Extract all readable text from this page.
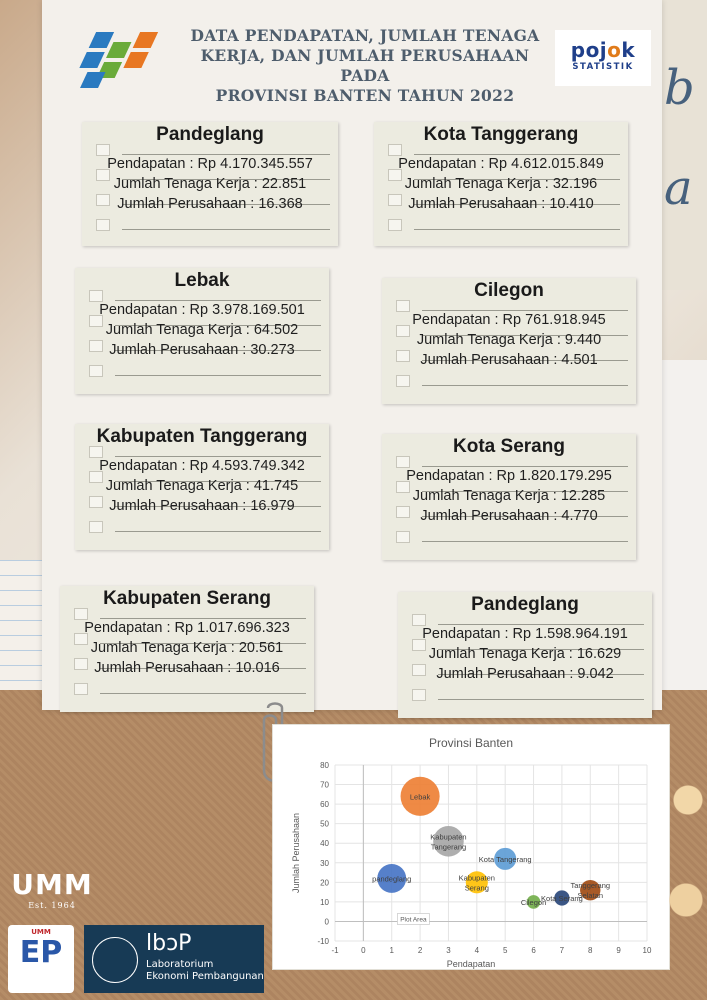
b
a
DATA PENDAPATAN, JUMLAH TENAGA
KERJA, DAN JUMLAH PERUSAHAAN PADA
PROVINSI BANTEN TAHUN 2022
pojok
STATISTIK
Pandeglang
Pendapatan : Rp 4.170.345.557
Jumlah Tenaga Kerja : 22.851
Jumlah Perusahaan : 16.368
Kota Tanggerang
Pendapatan : Rp 4.612.015.849
Jumlah Tenaga Kerja : 32.196
Jumlah Perusahaan : 10.410
Lebak
Pendapatan : Rp 3.978.169.501
Jumlah Tenaga Kerja : 64.502
Jumlah Perusahaan : 30.273
Cilegon
Pendapatan : Rp 761.918.945
Jumlah Tenaga Kerja : 9.440
Jumlah Perusahaan : 4.501
Kabupaten Tanggerang
Pendapatan : Rp 4.593.749.342
Jumlah Tenaga Kerja : 41.745
Jumlah Perusahaan : 16.979
Kota Serang
Pendapatan : Rp 1.820.179.295
Jumlah Tenaga Kerja : 12.285
Jumlah Perusahaan : 4.770
Kabupaten Serang
Pendapatan : Rp 1.017.696.323
Jumlah Tenaga Kerja : 20.561
Jumlah Perusahaan : 10.016
Pandeglang
Pendapatan : Rp 1.598.964.191
Jumlah Tenaga Kerja : 16.629
Jumlah Perusahaan : 9.042
Provinsi Banten
-10
0
10
20
30
40
50
60
70
80
-1	0	1	2	3	4	5	6	7	8	9	10
Jumlah Perusahaan
Pendapatan
pandeglang
Lebak
Kabupaten
Tangerang
Kabupaten
Serang
Kota Tangerang
Cilegon
Kota Serang
Tanggerang
Selatan
Plot Area
UMM
Est. 1964
UMM
EP	lbↄP
Laboratorium
Ekonomi Pembangunan
